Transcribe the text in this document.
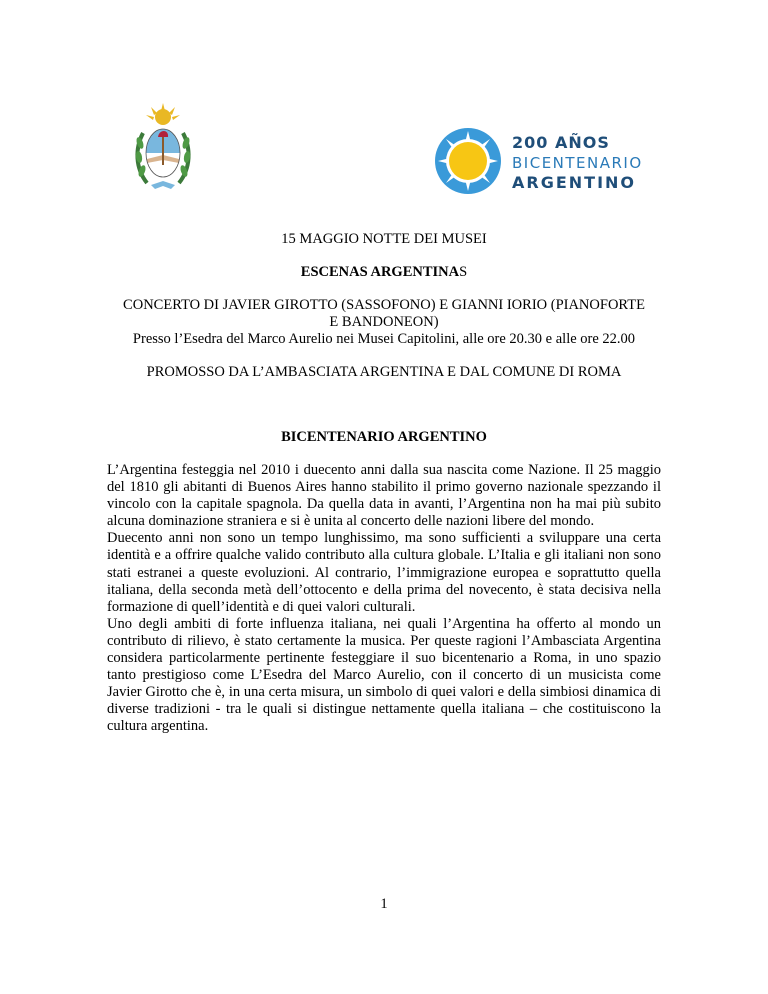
200 AÑOS
BICENTENARIO
ARGENTINO
15 MAGGIO NOTTE DEI MUSEI
ESCENAS ARGENTINAS
CONCERTO DI JAVIER GIROTTO (SASSOFONO) E GIANNI IORIO (PIANOFORTE
E BANDONEON)
Presso l’Esedra del Marco Aurelio nei Musei Capitolini, alle ore 20.30 e alle ore 22.00
PROMOSSO DA L’AMBASCIATA ARGENTINA E DAL COMUNE DI ROMA
BICENTENARIO ARGENTINO

L’Argentina festeggia nel 2010 i duecento anni dalla sua nascita come Nazione. Il 25 maggio del 1810 gli abitanti di Buenos Aires hanno stabilito il primo governo nazionale spezzando il vincolo con la capitale spagnola. Da quella data in avanti, l’Argentina non ha mai più subito alcuna dominazione straniera e si è unita al concerto delle nazioni libere del mondo.

Duecento anni non sono un tempo lunghissimo, ma sono sufficienti a sviluppare una certa identità e a offrire qualche valido contributo alla cultura globale. L’Italia e gli italiani non sono stati estranei a queste evoluzioni. Al contrario, l’immigrazione europea e soprattutto quella italiana, della seconda metà dell’ottocento e della prima del novecento, è stata decisiva nella formazione di quell’identità e di quei valori culturali.

Uno degli ambiti di forte influenza italiana, nei quali l’Argentina ha offerto al mondo un contributo di rilievo, è stato certamente la musica. Per queste ragioni l’Ambasciata Argentina considera particolarmente pertinente festeggiare il suo bicentenario a Roma, in uno spazio tanto prestigioso come L’Esedra del Marco Aurelio, con il concerto di un musicista come Javier Girotto che è, in una certa misura, un simbolo di quei valori e della simbiosi dinamica di diverse tradizioni - tra le quali si distingue nettamente quella italiana – che costituiscono la cultura argentina.

1
